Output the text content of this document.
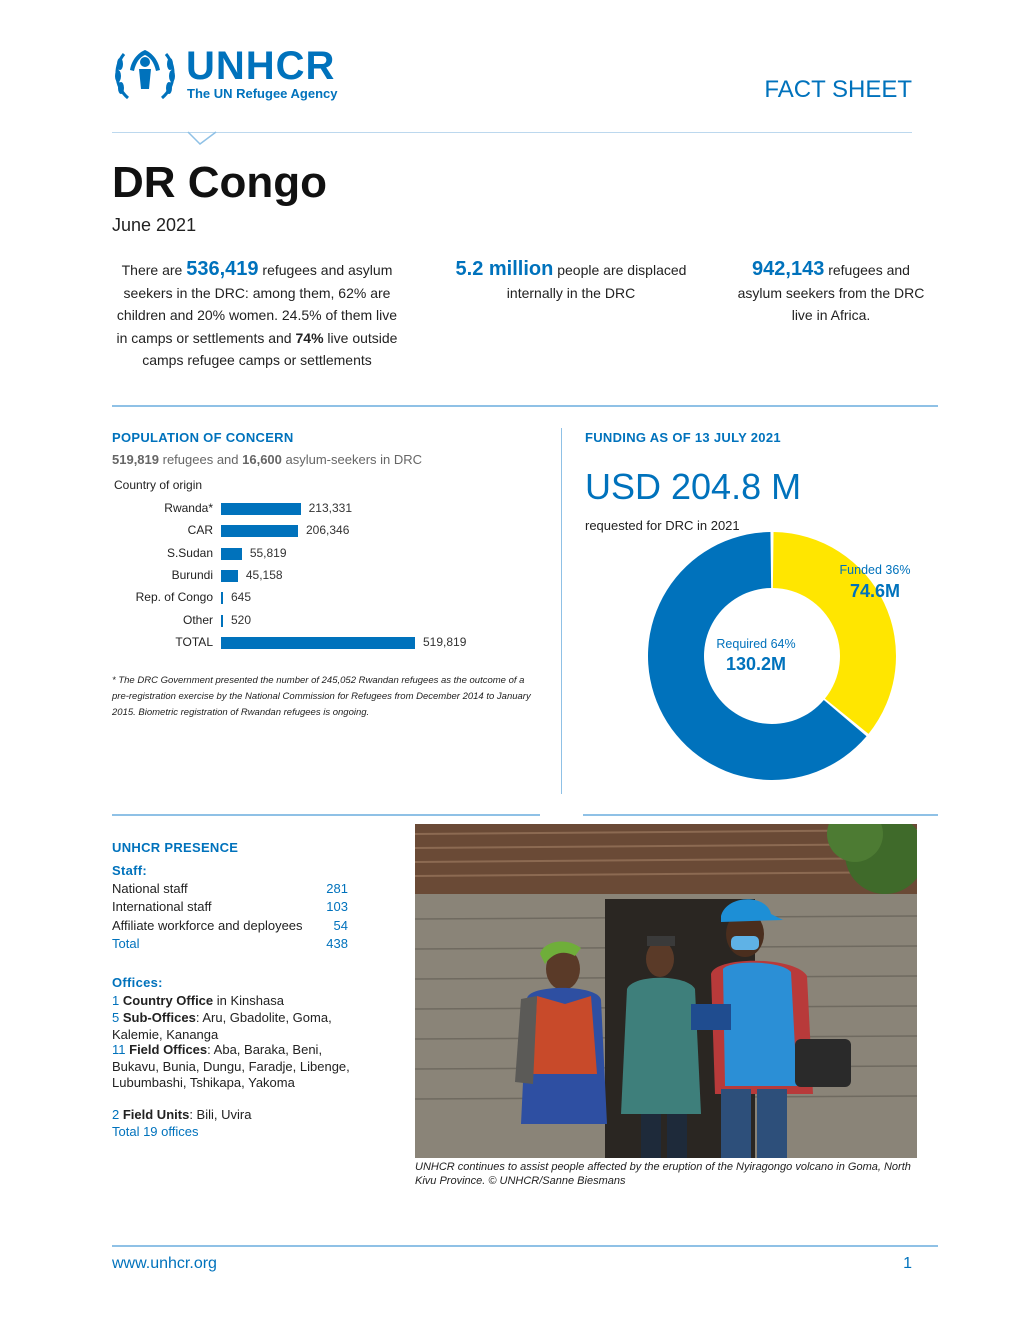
UNHCR
The UN Refugee Agency	FACT SHEET
DR Congo
June 2021
There are 536,419 refugees and asylum seekers in the DRC: among them, 62% are children and 20% women. 24.5% of them live in camps or settlements and 74% live outside camps refugee camps or settlements
5.2 million people are displaced internally in the DRC
942,143 refugees and asylum seekers from the DRC live in Africa.
POPULATION OF CONCERN
519,819 refugees and 16,600 asylum-seekers in DRC
Country of origin
Rwanda*	213,331
CAR	206,346
S.Sudan	55,819
Burundi	45,158
Rep. of Congo 645
Other 520
TOTAL	519,819
* The DRC Government presented the number of 245,052 Rwandan refugees as the outcome of a pre-registration exercise by the National Commission for Refugees from December 2014 to January 2015. Biometric registration of Rwandan refugees is ongoing.
FUNDING AS OF 13 JULY 2021
USD 204.8 M
requested for DRC in 2021
Funded 36%
74.6M
Required 64%
130.2M
UNHCR PRESENCE
Staff:
National staff	281
International staff	103
Affiliate workforce and deployees 54
Total	438
Offices:
1 Country Office in Kinshasa
5 Sub-Offices: Aru, Gbadolite, Goma, Kalemie, Kananga
11 Field Offices: Aba, Baraka, Beni, Bukavu, Bunia, Dungu, Faradje, Libenge, Lubumbashi, Tshikapa, Yakoma
2 Field Units: Bili, Uvira
Total 19 offices
UNHCR continues to assist people affected by the eruption of the Nyiragongo volcano in Goma, North Kivu Province. © UNHCR/Sanne Biesmans
www.unhcr.org	1
